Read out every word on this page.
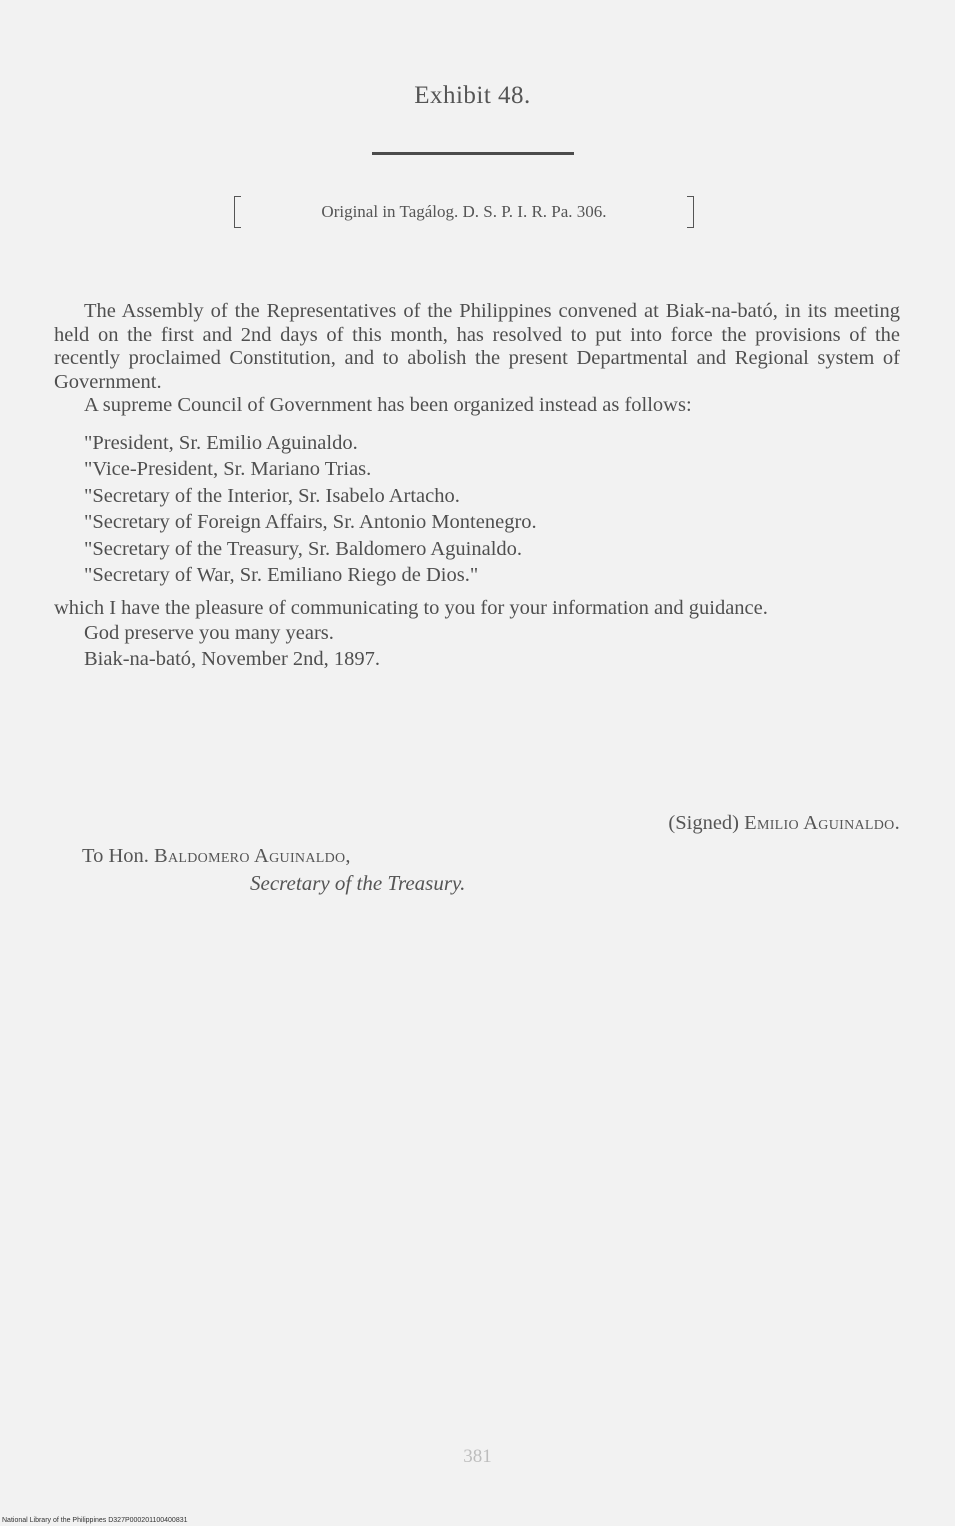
Exhibit 48.
Original in Tagálog. D. S. P. I. R. Pa. 306.

The Assembly of the Representatives of the Philippines convened at Biak-na-bató, in its meeting held on the first and 2nd days of this month, has resolved to put into force the provisions of the recently proclaimed Constitution, and to abolish the present Departmental and Regional system of Government.

A supreme Council of Government has been organized instead as follows:

"President, Sr. Emilio Aguinaldo.
"Vice-President, Sr. Mariano Trias.
"Secretary of the Interior, Sr. Isabelo Artacho.
"Secretary of Foreign Affairs, Sr. Antonio Montenegro.
"Secretary of the Treasury, Sr. Baldomero Aguinaldo.
"Secretary of War, Sr. Emiliano Riego de Dios."

which I have the pleasure of communicating to you for your information and guidance.

God preserve you many years.

Biak-na-bató, November 2nd, 1897.

(Signed) Emilio Aguinaldo.
To Hon. Baldomero Aguinaldo,
Secretary of the Treasury.
381
National Library of the Philippines D327P000201100400831
